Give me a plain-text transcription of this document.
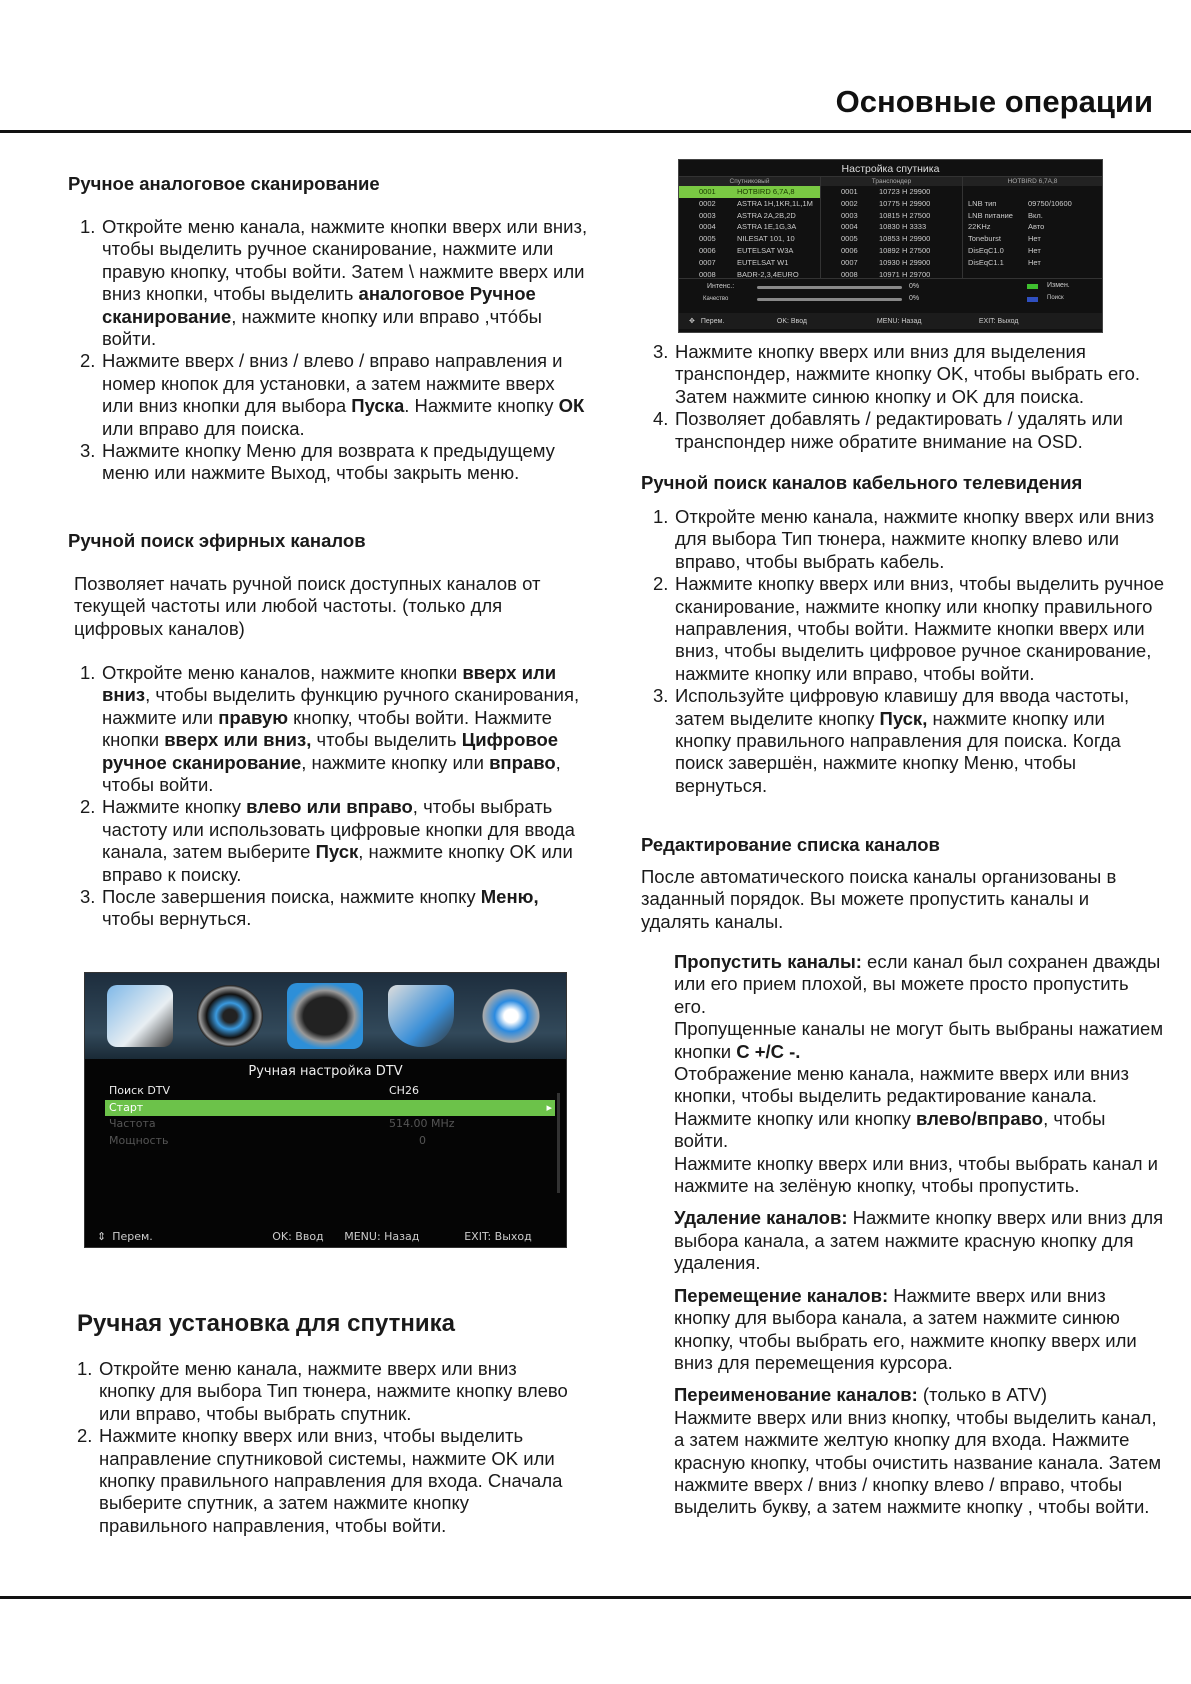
Основные операции
Ручное аналоговое сканирование
1. Откройте меню канала, нажмите кнопки вверх или вниз, чтобы выделить ручное сканирование, нажмите или правую кнопку, чтобы войти. Затем \ нажмите вверх или вниз кнопки, чтобы выделить аналоговое Ручное сканирование, нажмите кнопку или вправо ,чтóбы войти.
2. Нажмите вверх / вниз / влево / вправо направления и номер кнопок для установки, а затем нажмите вверх или вниз кнопки для выбора Пуска. Нажмите кнопку ОК или вправо для поиска.
3. Нажмите кнопку Меню для возврата к предыдущему меню или нажмите Выход, чтобы закрыть меню.
Ручной поиск эфирных каналов
Позволяет начать ручной поиск доступных каналов от текущей частоты или любой частоты. (только для цифровых каналов)
1. Откройте меню каналов, нажмите кнопки вверх или вниз, чтобы выделить функцию ручного сканирования, нажмите или правую кнопку, чтобы войти. Нажмите кнопки вверх или вниз, чтобы выделить Цифровое ручное сканирование, нажмите кнопку или вправо, чтобы войти.
2. Нажмите кнопку влево или вправо, чтобы выбрать частоту или использовать цифровые кнопки для ввода канала, затем выберите Пуск, нажмите кнопку OK или вправо к поиску.
3. После завершения поиска, нажмите кнопку Меню, чтобы вернуться.
Ручная настройка DTV
Поиск DTV	CH26
Старт	▸
Частота	514.00 MHz
Мощность	0
⇕ Перем.	OK: Ввод	MENU: Назад	EXIT: Выход
Ручная установка для спутника
1. Откройте меню канала, нажмите вверх или вниз кнопку для выбора Тип тюнера, нажмите кнопку влево или вправо, чтобы выбрать спутник.
2. Нажмите кнопку вверх или вниз, чтобы выделить направление спутниковой системы, нажмите OK или кнопку правильного направления для входа. Сначала выберите спутник, а затем нажмите кнопку правильного направления, чтобы войти.
Настройка спутника
Спутниковый
0001	HOTBIRD 6,7A,8
0002	ASTRA 1H,1KR,1L,1M
0003	ASTRA 2A,2B,2D
0004	ASTRA 1E,1G,3A
0005	NILESAT 101, 10
0006	EUTELSAT W3A
0007	EUTELSAT W1
0008	BADR-2,3,4EURO
Транспондер
0001	10723 H 29900
0002	10775 H 29900
0003	10815 H 27500
0004	10830 H 3333
0005	10853 H 29900
0006	10892 H 27500
0007	10930 H 29900
0008	10971 H 29700
HOTBIRD 6,7A,8
LNB тип	09750/10600
LNB питание	Вкл.
22KHz	Авто
Toneburst	Нет
DisEqC1.0	Нет
DisEqC1.1	Нет
Интенс.:	0%
Качество	0%
Измен.
Поиск
✥ Перем.	OK: Ввод	MENU: Назад	EXIT: Выход
3. Нажмите кнопку вверх или вниз для выделения транспондер, нажмите кнопку OK, чтобы выбрать его. Затем нажмите синюю кнопку и OK для поиска.
4. Позволяет добавлять / редактировать / удалять или транспондер ниже обратите внимание на OSD.
Ручной поиск каналов кабельного телевидения
1. Откройте меню канала, нажмите кнопку вверх или вниз для выбора Тип тюнера, нажмите кнопку влево или вправо, чтобы выбрать кабель.
2. Нажмите кнопку вверх или вниз, чтобы выделить ручное сканирование, нажмите кнопку или кнопку правильного направления, чтобы войти. Нажмите кнопки вверх или вниз, чтобы выделить цифровое ручное сканирование, нажмите кнопку или вправо, чтобы войти.
3. Используйте цифровую клавишу для ввода частоты, затем выделите кнопку Пуск, нажмите кнопку или кнопку правильного направления для поиска. Когда поиск завершён, нажмите кнопку Меню, чтобы вернуться.
Редактирование списка каналов
После автоматического поиска каналы организованы в заданный порядок. Вы можете пропустить каналы и удалять каналы.
Пропустить каналы: если канал был сохранен дважды или его прием плохой, вы можете просто пропустить его.
Пропущенные каналы не могут быть выбраны нажатием кнопки C +/C -.
Отображение меню канала, нажмите вверх или вниз кнопки, чтобы выделить редактирование канала. Нажмите кнопку или кнопку влево/вправо, чтобы войти.
Нажмите кнопку вверх или вниз, чтобы выбрать канал и нажмите на зелёную кнопку, чтобы пропустить.
Удаление каналов: Нажмите кнопку вверх или вниз для выбора канала, а затем нажмите красную кнопку для удаления.
Перемещение каналов: Нажмите вверх или вниз кнопку для выбора канала, а затем нажмите синюю кнопку, чтобы выбрать его, нажмите кнопку вверх или вниз для перемещения курсора.
Переименование каналов: (только в ATV)
Нажмите вверх или вниз кнопку, чтобы выделить канал, а затем нажмите желтую кнопку для входа. Нажмите красную кнопку, чтобы очистить название канала. Затем нажмите вверх / вниз / кнопку влево / вправо, чтобы выделить букву, а затем нажмите кнопку , чтобы войти.
